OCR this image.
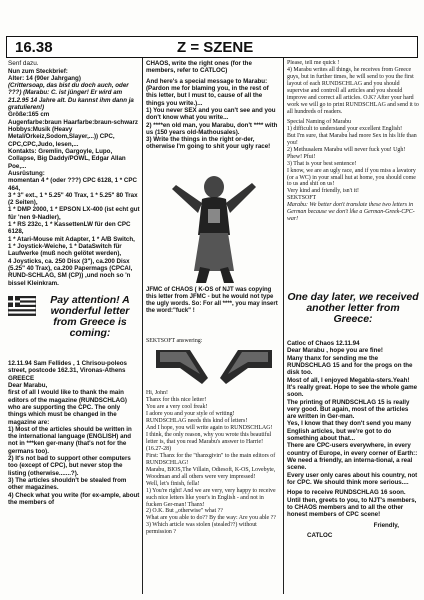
16.38	Z = SZENE

Senf dazu.

Nun zum Steckbrief:

Alter: 14 (90er Jahrgang)

(Crittersoap, das bist du doch auch, oder ???) (Marabu: C. ist jünger! Er wird am 21.2.95 14 Jahre alt. Du kannst ihm dann ja gratulieren!)

Größe:165 cm

Augenfarbe:braun Haarfarbe:braun-schwarz

Hobbys:Musik (Heavy Metal/Orkeiz,Sodom,Slayer,...)) CPC, CPC,CPC,Judo, lesen,...

Kontakts: Gremlin, Gargoyle, Lupo, Collapse, Big Daddy/POWL, Edgar Allan Poe,...

Ausrüstung:

momentan 4 * (oder ???) CPC 6128, 1 * CPC 464,

3 * 3" ext., 1 * 5.25" 40 Trax, 1 * 5.25" 80 Trax (2 Seiten),

1 * DMP 2000, 1 * EPSON LX-400 (ist echt gut für 'nen 9-Nadler),

1 * RS 232c, 1 * KassettenLW für den CPC 6128,

1 * Atari-Mouse mit Adapter, 1 * A/B Switch, 1 * Joystick-Weiche, 1 * DataSwitch für Laufwerke (muß noch gelötet werden),

4 Joysticks, ca. 250 Disx (3"), ca.200 Disx (5.25" 40 Trax), ca.200 Papermags (CPCAI, RUND-SCHLAG, SM (CP)) ,und noch so 'n bissel Kleinkram.

Pay attention! A wonderful letter from Greece is coming:

12.11.94 Sam Fellides , 1 Chrisou-poleos street, postcode 162.31, Vironas-Athens GREECE

Dear Marabu,

first of all I would like to thank the main editors of the magazine (RUNDSCHLAG) who are supporting the CPC. The only things which must be changed in the magazine are:

1) Most of the articles should be written in the international language (ENGLISH) and not in ***ken ger-many (that's not for the germans too).

2) It's not bad to support other computers too (except of CPC), but never stop the listing (otherwise.......?).

3) The articles shouldn't be stealed from other magazines.

4) Check what you write (for ex-ample, about the members of

CHAOS, write the right ones (for the members, refer to CATLOC)

And here's a special message to Marabu:

(Pardon me for blaming you, in the rest of this letter, but I must to, cause of all the things you write.)...

1) You never SEX and you can't see and you don't know what you write...

2) ****en old man, you Marabu, don't **** with us (150 years old-Mathousales).

3) Write the things in the right or-der, otherwise I'm going to shit your ugly race!

JFMC of CHAOS ( K-OS of NJT was copying this letter from JFMC - but he would not type the ugly words. So: For all ****, you may insert the word:"fuck" !

SEKTSOFT answering:

Hi, John!

Thanx for this nice letter!

You are a very cool freak!

I adore you and your style of writing!

RUNDSCHLAG needs this kind of letters!

And I hope, you will write again to RUNDSCHLAG!

I think, the only reason, why you wrote this beautiful letter is, that you read Marabu's answer to Harrie! (16.27-28)

First: Thanx for the "thanxgivin" to the main editors of RUNDSCHLAG!

Marabu, BIOS,The Villain, Odiesoft, K-OS, Lovebyte, Woodman and all others were very impressed!

Well, let's finish, fella!

1) You're right! And we are very, very happy to receive such nice letters like your's in English - and not in fucken Ger-man! Thanx!

2) O.K. But „otherwise" what ??

What are you able to do?? By the way: Are you able ?? 3) Which article was stolen (stealed??) without permission ?

Please, tell me quick !

4) Marabu writes all things, he receives from Greece guys, but in further times, he will send to you the first layout of each RUNDSCHLAG and you should supervise and controll all articles and you should improve and correct all articles. O.K? After your hard work we will go to print RUNDSCHLAG and send it to all hundreds of readers.

Special Naming of Marabu

1) difficult to understand your excellent English!

But I'm sure, that Marabu had more Sex in his life than you!

2) Methusalem Marabu will never fuck you! Ugh! Phew! Pfui!

3) That is your best sentence!

I know, we are an ugly race, and if you miss a lavatory (or a WC) in your small hut at home, you should come to us and shit on us!

Very kind and friendly, isn't it!

SEKTSOFT

Marabu: We better don't translate these two letters in German because we don't like a German-Greek-CPC-war!

One day later, we received another letter from Greece:

Catloc of Chaos 12.11.94

Dear Marabu , hope you are fine!

Many thanx for sending me the RUNDSCHLAG 15 and for the progs on the disk too.

Most of all, I enjoyed Megabla-sters.Yeah! It's really great. Hope to see the whole game soon.

The printing of RUNDSCHLAG 15 is really very good. But again, most of the articles are written in Ger-man.

Yes, I know that they don't send you many English articles, but we're got to do something about that...

There are CPC-users everywhere, in every country of Europe, in every corner of Earth::

We need a friendly, an interna-tional, a real scene.

Every user only cares about his country, not for CPC. We should think more serious....

Hope to receive RUNDSCHLAG 16 soon. Until then, greets to you, to NJT's members, to CHAOS members and to all the other honest members of CPC scene!

Friendly,

CATLOC
